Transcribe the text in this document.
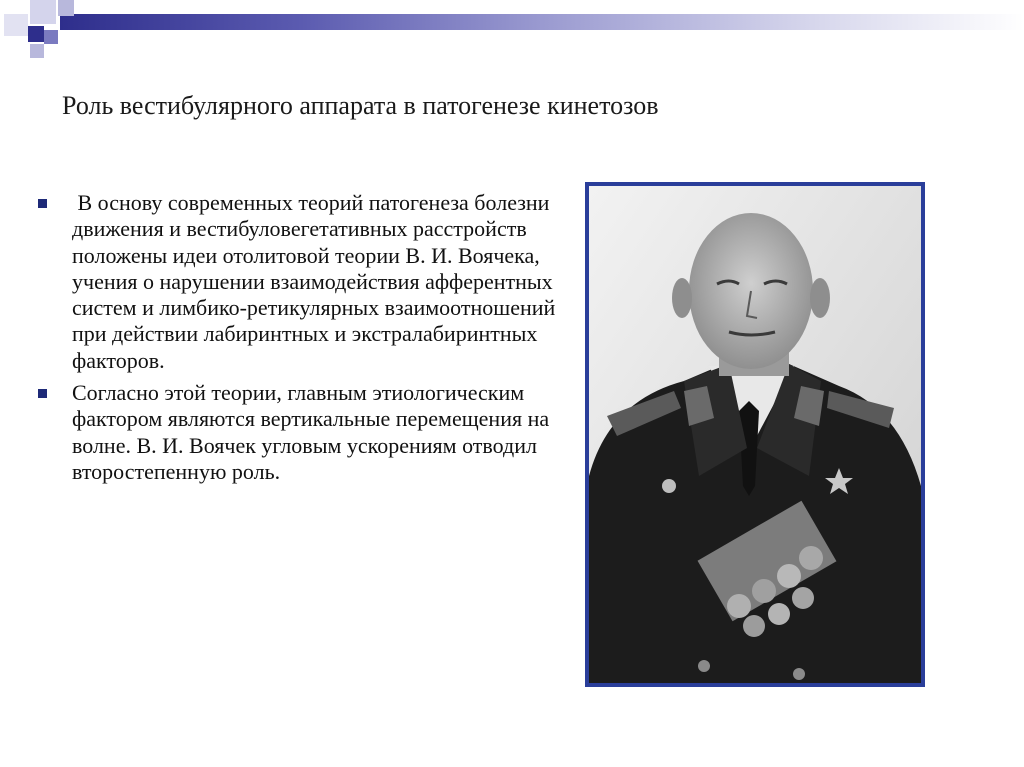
Роль вестибулярного аппарата в патогенезе кинетозов
В основу современных теорий патогенеза болезни движения и вестибуловегетативных расстройств положены идеи отолитовой теории В. И. Воячека, учения о нарушении взаимодействия афферентных систем и лимбико-ретикулярных взаимоотношений при действии лабиринтных и экстралабиринтных факторов.
Согласно этой теории, главным этиологическим фактором являются вертикальные перемещения на волне. В. И. Воячек угловым ускорениям отводил второстепенную роль.
